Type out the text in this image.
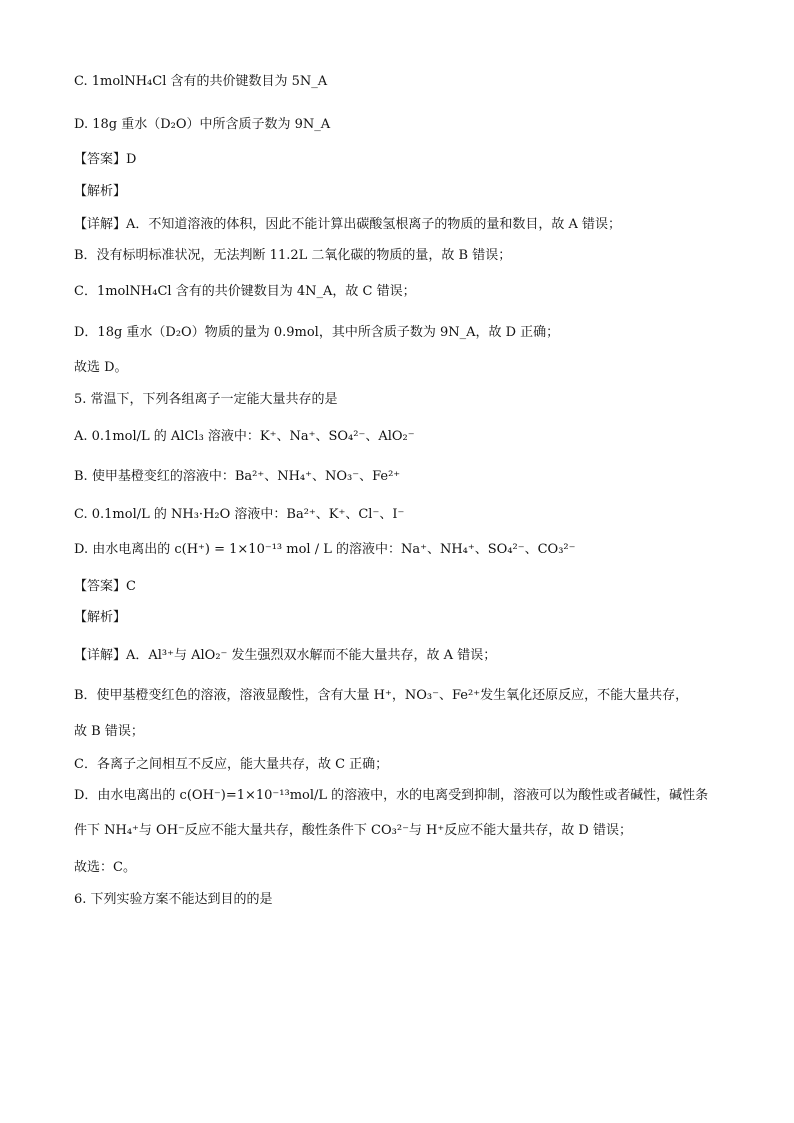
C. 1molNH₄Cl 含有的共价键数目为 5N_A
D. 18g 重水（D₂O）中所含质子数为 9N_A
【答案】D
【解析】
【详解】A．不知道溶液的体积，因此不能计算出碳酸氢根离子的物质的量和数目，故 A 错误；
B．没有标明标准状况，无法判断 11.2L 二氧化碳的物质的量，故 B 错误；
C．1molNH₄Cl 含有的共价键数目为 4N_A，故 C 错误；
D．18g 重水（D₂O）物质的量为 0.9mol，其中所含质子数为 9N_A，故 D 正确；
故选 D。
5. 常温下，下列各组离子一定能大量共存的是
A. 0.1mol/L 的 AlCl₃ 溶液中：K⁺、Na⁺、SO₄²⁻、AlO₂⁻
B. 使甲基橙变红的溶液中：Ba²⁺、NH₄⁺、NO₃⁻、Fe²⁺
C. 0.1mol/L 的 NH₃·H₂O 溶液中：Ba²⁺、K⁺、Cl⁻、I⁻
D. 由水电离出的 c(H⁺) = 1×10⁻¹³ mol / L 的溶液中：Na⁺、NH₄⁺、SO₄²⁻、CO₃²⁻
【答案】C
【解析】
【详解】A．Al³⁺与 AlO₂⁻ 发生强烈双水解而不能大量共存，故 A 错误；
B．使甲基橙变红色的溶液，溶液显酸性，含有大量 H⁺，NO₃⁻、Fe²⁺发生氧化还原反应，不能大量共存，
故 B 错误；
C．各离子之间相互不反应，能大量共存，故 C 正确；
D．由水电离出的 c(OH⁻)=1×10⁻¹³mol/L 的溶液中，水的电离受到抑制，溶液可以为酸性或者碱性，碱性条
件下 NH₄⁺与 OH⁻反应不能大量共存，酸性条件下 CO₃²⁻与 H⁺反应不能大量共存，故 D 错误；
故选：C。
6. 下列实验方案不能达到目的的是
